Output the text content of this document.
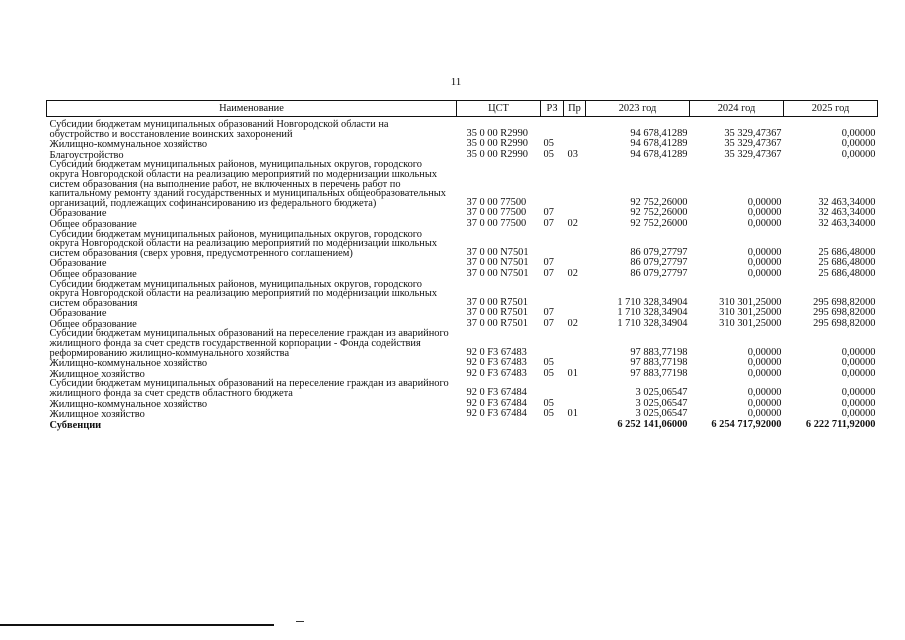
11
Наименование	ЦСТ	РЗ	Пр	2023 год	2024 год	2025 год
Субсидии бюджетам муниципальных образований Новгородской области на обустройство и восстановление воинских захоронений	35 0 00 R2990			94 678,41289	35 329,47367	0,00000
Жилищно-коммунальное хозяйство	35 0 00 R2990	05		94 678,41289	35 329,47367	0,00000
Благоустройство	35 0 00 R2990	05	03	94 678,41289	35 329,47367	0,00000
Субсидии бюджетам муниципальных районов, муниципальных округов, городского округа Новгородской области на реализацию мероприятий по модернизации школьных систем образования (на выполнение работ, не включенных в перечень работ по капитальному ремонту зданий государственных и муниципальных общеобразовательных организаций, подлежащих софинансированию из федерального бюджета)	37 0 00 77500			92 752,26000	0,00000	32 463,34000
Образование	37 0 00 77500	07		92 752,26000	0,00000	32 463,34000
Общее образование	37 0 00 77500	07	02	92 752,26000	0,00000	32 463,34000
Субсидии бюджетам муниципальных районов, муниципальных округов, городского округа Новгородской области на реализацию мероприятий по модернизации школьных систем образования (сверх уровня, предусмотренного соглашением)	37 0 00 N7501			86 079,27797	0,00000	25 686,48000
Образование	37 0 00 N7501	07		86 079,27797	0,00000	25 686,48000
Общее образование	37 0 00 N7501	07	02	86 079,27797	0,00000	25 686,48000
Субсидии бюджетам муниципальных районов, муниципальных округов, городского округа Новгородской области на реализацию мероприятий по модернизации школьных систем образования	37 0 00 R7501			1 710 328,34904	310 301,25000	295 698,82000
Образование	37 0 00 R7501	07		1 710 328,34904	310 301,25000	295 698,82000
Общее образование	37 0 00 R7501	07	02	1 710 328,34904	310 301,25000	295 698,82000
Субсидии бюджетам муниципальных образований на переселение граждан из аварийного жилищного фонда за счет средств государственной корпорации - Фонда содействия реформированию жилищно-коммунального хозяйства	92 0 F3 67483			97 883,77198	0,00000	0,00000
Жилищно-коммунальное хозяйство	92 0 F3 67483	05		97 883,77198	0,00000	0,00000
Жилищное хозяйство	92 0 F3 67483	05	01	97 883,77198	0,00000	0,00000
Субсидии бюджетам муниципальных образований на переселение граждан из аварийного жилищного фонда за счет средств областного бюджета	92 0 F3 67484			3 025,06547	0,00000	0,00000
Жилищно-коммунальное хозяйство	92 0 F3 67484	05		3 025,06547	0,00000	0,00000
Жилищное хозяйство	92 0 F3 67484	05	01	3 025,06547	0,00000	0,00000
Субвенции				6 252 141,06000	6 254 717,92000	6 222 711,92000
